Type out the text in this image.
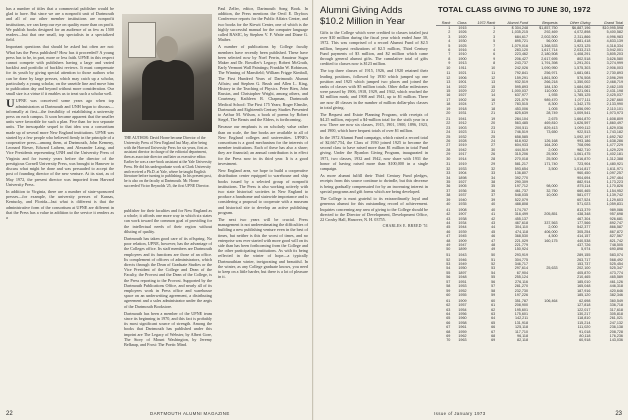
has a number of titles that a commercial publisher would be glad to have. But since we are a nonprofit unit of Dartmouth and all of our other member institutions are nonprofit institutions, we can keep our eye on quality more than on profit. We publish books designed for an audience of as few as 1500 readers—but that one small, top specialists in a specialized field.

Important questions that should be asked but often are not: What has the Press published? How has it proceeded? A young press has to be, in part, more or less faith. UPNE in this respect cannot compete with publishers having a large and varied backlist and portfolio of backlist reviews. It must compensate for its youth by giving special attention to those authors who can be done by large presses, which may catch up a scholar, particularly a young scholar, on the unsettle line and move him to publication day and beyond without more consideration. Our small size is a virtue if it enables us to treat such a scholar well.

UUPNE was conceived some years ago when top administrators at Dartmouth and UNH began to discuss—informally at first—the feasibility of establishing a university press on each campus. It soon became apparent that the smaller units were favorable for such a plan. Five than for two separate units. The inescapable sequel to that idea was a consortium made up of several more New England institutions. UPNE was started by a few people who believed firmly in the principle of a cooperative press—among them, at Dartmouth, John Kemeny, Leonard Rieser, Edward Lathem, and Alexander Laing, and Vice Presidents representing UNH and the University Press of Virginia and for twenty years before the director of the prestigious Cornell University Press, was brought to Hanover to discuss what might be done and was persuaded to accept the post of founding director of the new venture. At its start, as of May 1972, the present director was imported from Harvard University Press.

In addition to Virginia, there are a number of state-sponsored presses—for example, the university presses of Kansas, Kentucky, and Florida—but what is different is that the administrative form of the consortium at UPNE are different in that the Press has a value in addition to the service it renders as a

THE AUTHOR: David Horne became Director of the University Press of New England last May, after being with the Harvard University Press for six years, first as assistant director in charge of the editorial department, then as associate director and later as executive editor. Earlier he was a rare-book assistant at the Yale University Press. He did his undergraduate work at Clark University and received a Ph.D. at Yale, where he taught English literature before turning to publishing. In his present post, he is also on the faculty at Dartmouth. Mr. Horne succeeded Victor Reynolds '25, the first UPNE Director.

publisher for their faculties and for New England as a whole; it affords one more way in which six states can work toward the common goal of providing for the intellectual needs of their region without diluting of quality.

Dartmouth has taken good care of its offspring. No poor relation, UPNE, however, has the advantage of the Colleges office. Its staff members are Dartmouth employees and its functions are those of an office. Its complement of officers of administrators, which directs through the Dean of Graduate Studies or the Vice President of the College and Dean of the Faculty, the Provost and the Dean of the College, is the Press reporting to the Provost. Supported by the Dartmouth Publications Office, and nearly all of its employees work in Press office and warehouse space on an underwriting agreement, a distributing agreement and a sales administrator under the aegis of the Dartmouth Bookstore.

Dartmouth has been a member of the UPNE team since its beginning in 1970, and this fact is probably its most significant source of strength. Among the books that Dartmouth has published under this imprint are The Legacy of Webster, by Albert Gore, The Story of Mount Washington, by Jeremy Belknap, and Frost: The Poetic Mind.

Paul Zeller, editor, Dartmouth Song Book. In addition, the Press mentions the Orvil E. Dryfoos Conference reports for the Public Affairs Center, and two books for the Kiewit Center, one of which is the highly successful manual for the computer language called BASIC, by Stephen V. F. Waite and Diane G. Mather.

A number of publications by College faculty members have recently been published. These have been selected now by Noel Perrin, Amateur Sugar Maker and Dr. Bowdler's Legacy; Robert McGrath, Early Vermont Wall Paintings; Franklin W. Robinson, The Winning of Mansfield; William Frigge Kimball, The First Hundred Years of Dartmouth Alumni Affairs; and Stephen G. Brush and Allen L. King, History in the Teaching of Physics. Peter Bien, John Rassias, and Christopher Wright, among others, and Courtenay, Kathleen R. Chapman, Dartmouth Medical School: The First 175 Years; Roger Elmslie, Dartmouth and Eighteenth Century Studies Presented to Arthur M. Wilson, a book of poems by Robert Siegel, The Beasts and the Elders, is forthcoming.

Because our emphasis is on scholarly value rather than on scale, the fine books are available to all of New England colleges and universities. UPNE's consortium is a good mechanism for the interests of member institutions. Each of these has also a share; they are financial; an annual contribution is in effect for the Press now in its third year. It is a good investment.

New England area, we hope to build a cooperative distribution center equipped to warehouse and ship books issued by a selected group of nonprofit institutions. The Press is also working actively with two state historical societies in New England to produce a handsome and statewide importance and is considering a proposal to cooperate with a museum and historical site to develop an active publishing program.

The next two years will be crucial. Press management is not underestimating the difficulties of building a new publishing venture even in the best of times, but neither is this the worst of times, and no enterprise was ever started with more good will on its side than has been forthcoming from the College and the other participating institutions. As with its being reflected in the winter of hope—a typically Dartmouthian winter, invigorating and beautiful. In the winter, as any College graduate knows, you need to keep on a little harder, but there is a lot of pleasure in it.

22	DARTMOUTH ALUMNI MAGAZINE
Alumni Giving Adds
$10.2 Million in Year

Gifts to the College which were credited to classes totaled just over $10 million during the fiscal year which ended June 30, 1972. This was comprised of a record Alumni Fund of $2.5 million, bequest realizations of $2.5 million, Third Century Fund payments of $3 million, and $2 million which came through general alumni gifts. The cumulative total of gifts credited to classes now is $123 million.

The top three classes of 1915, 1926, and 1920 retained their leading positions, followed by 1930 which jumped up one position and 1925 which jumped two places and joined the ranks of classes with $5 million totals. Other dollar milestones were passed by 1906, 1918, 1929, and 1942, which reached the $2 million mark; and 1908 and 1941, up to $1 million. There are now 40 classes in the number of million dollar-plus classes in total giving.

The Bequest and Estate Planning Program, with receipts of $4.25 million, enjoyed a $4-million total for the sixth year in a row. There are now six classes, 1915, 1901, 1900, 1896, 1923, and 1900, which have bequest totals of over $1 million.

In the 1972 Alumni Fund campaign, which raised a record total of $2,667,754, the Class of 1930 joined 1925 to become the second class to have raised more than $1 million in total Fund giving. Under the Ryanlon Giving Program, inaugurated in 1971, two classes, 1932 and 1942, now share with 1931 the honor of having raised more than $100,000 in a single campaign.

As more alumni fulfill their Third Century Fund pledges, receipts from this source continue to dwindle, but this decrease is being gradually compensated for by an increasing interest in special programs and gift forms which are being developed.

The College is most grateful to its extraordinarily loyal and generous alumni for this outstanding record of achievement. Inquiries concerning any area of giving to the College should be directed to the Director of Development, Development Office, 22 Crosby Hall, Hanover, N. H. 03755.

CHARLES E. BREED '51

TOTAL CLASS GIVING TO JUNE 30, 1972
Rank	Class	1972 Rank	Alumni Fund	Bequests	Other Giving	Grand Total
1	1915	1	$ 304,248	$1,857,750	$6,887,196	$10,995,598
2	1926	2	1,035,215	292,469	4,072,898	5,400,582
3	1920	3	684,617	2,002,500	2,311,866	4,996,983
4	1930	5	895,721	56,000	3,881,418	4,833,139
5	1925	7	1,079,016	1,368,533	1,923,125	4,318,334
6	1916	4	283,120	1,617,714	2,033,213	3,942,001
7	1910	6	223,462	2,180,508	1,408,291	3,805,203
8	1900	9	206,427	2,617,695	802,518	3,626,580
9	1913	8	243,737	1,791,398	1,291,201	3,274,999
10	1911	10	242,026	1,090,950	1,575,303	2,906,003
11	1921	11	792,841	256,971	1,681,081	2,730,893
12	1906	12	159,291	1,861,500	576,508	2,596,299
13	1901	13	932,519	266,218	1,350,002	2,468,719
14	1922	15	595,893	184,130	1,684,082	2,462,105
15	1929	22	1,000,037	110,000	1,321,061	2,431,198
16	1927	14	637,977	1,935	1,785,125	2,425,037
17	1902	16	221,079	989,470	1,077,111	2,287,660
18	1924	17	783,515	8,300	1,342,175	2,133,990
19	1918	18	453,006	1,005	1,656,090	2,110,101
20	1931	21	825,639	28,749	1,009,541	1,973,973
21	1941	19	284,104	2,675	1,664,870	1,608,809
22	1912	20	563,485	469,810	1,626,597	1,860,497
23	1903	23	200,511	829,413	1,099,112	1,829,036
24	1923	31	746,519	73,650	922,513	1,743,182
25	1932	25	658,585		1,092,197	1,692,782
26	1928	24	618,932	126,168	993,186	1,638,286
27	1919	27	604,933	164,200	708,096	1,477,229
28	1942	30	444,519	2,000	982,710	1,429,229
29	1917	26	315,206	25,500	1,061,475	1,402,181
30	1914	28	270,018	25,500	1,016,870	1,312,388
31	1919	29	581,217	171,740	723,904	1,480,921
32	1933	32	593,654	3,500	1,014,817	1,611,971
33	1904	33	136,807		960,450	1,097,257
34	1898	34	392,770		904,694	1,297,464
35	1927	38	290,309		882,914	1,173,223
36	1905	35	197,712	98,000	875,114	1,170,826
37	1936	36	461,737	32,750	660,465	1,154,952
38	1937	37	548,035	10,000	581,077	1,139,742
39	1940	39	522,079		607,524	1,129,603
40	1935	40	488,808		571,023	1,059,831
41	1908	40	174,707		813,379	989,086
42	1907	41	316,499	205,851	438,348	957,698
43	1938	42	455,137		467,304	926,681
44	1934	43	467,618	337,563	177,566	892,747
45	1944	44	304,110	2,000	542,377	866,587
46	1939	45	474,118	406,000	305,254	867,872
47	1945	46	368,530	4,500	414,157	827,567
48	1909	47	221,029	160,175	440,538	821,742
49	1947	48	221,779		437,726	748,505
50	1899	49	150,924		5,974	690,898
51	1943	50	293,919		289,155	583,074
52	1946	51	304,775		263,717	568,492
53	1949	52	346,717		153,737	525,454
54	1950	53	297,614	25,633	202,100	525,347
55	1897	54	67,904		405,870	473,774
56	1948	55	255,124		210,465	465,589
57	1951	56	276,116		185,010	461,126
58	1953	57	281,270		165,048	446,318
59	1952	58	232,730		187,916	420,646
60	1955	59	197,226		185,120	382,346
61	1909	60	351,787	106,464	62,698	360,549
62	1957	61	208,900		127,818	336,718
63	1954	62	195,601		122,017	317,618
64	1956	63	175,601		130,217	305,818
65	1960	64	142,211		118,810	261,021
66	1958	65	131,918		115,214	247,132
67	1961	66	125,118		111,020	236,138
68	1959	67	117,710		91,018	208,728
69	1962	68	96,118		80,118	176,236
70	1963	69	82,118		60,918	143,036
23
Issue of January 1973
